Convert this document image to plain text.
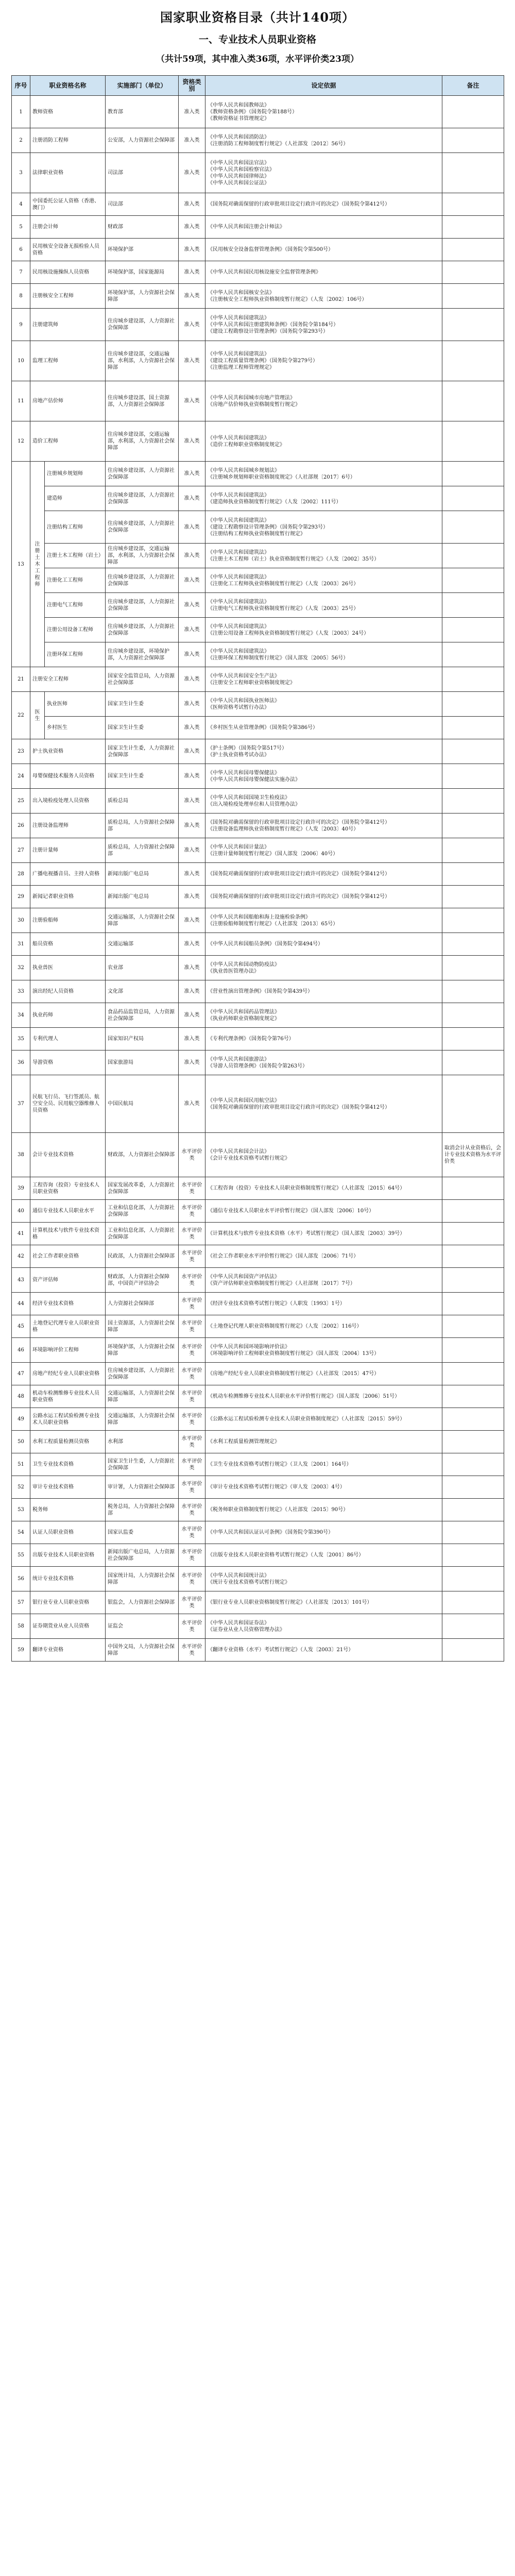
国家职业资格目录（共计140项）
一、专业技术人员职业资格
（共计59项，其中准入类36项，水平评价类23项）
序号	职业资格名称		实施部门（单位）	资格类别	设定依据	备注
1	教师资格		教育部	准入类	《中华人民共和国教师法》
《教师资格条例》（国务院令第188号）
《教师资格证书管理规定》	
2	注册消防工程师		公安部，人力资源社会保障部	准入类	《中华人民共和国消防法》
《注册消防工程师制度暂行规定》（人社部发〔2012〕56号）	
3	法律职业资格		司法部	准入类	《中华人民共和国法官法》
《中华人民共和国检察官法》
《中华人民共和国律师法》
《中华人民共和国公证法》	
4	中国委托公证人资格（香港、澳门）		司法部	准入类	《国务院对确需保留的行政审批项目设定行政许可的决定》（国务院令第412号）	
5	注册会计师		财政部	准入类	《中华人民共和国注册会计师法》	
6	民用核安全设备无损检验人员资格		环境保护部	准入类	《民用核安全设备监督管理条例》（国务院令第500号）	
7	民用核设施操纵人员资格		环境保护部，国家能源局	准入类	《中华人民共和国民用核设施安全监督管理条例》	
8	注册核安全工程师		环境保护部，人力资源社会保障部	准入类	《中华人民共和国核安全法》
《注册核安全工程师执业资格制度暂行规定》（人发〔2002〕106号）	
9	注册建筑师		住房城乡建设部，人力资源社会保障部	准入类	《中华人民共和国建筑法》
《中华人民共和国注册建筑师条例》（国务院令第184号）
《建设工程勘察设计管理条例》（国务院令第293号）	
10	监理工程师		住房城乡建设部，交通运输部，水利部，人力资源社会保障部	准入类	《中华人民共和国建筑法》
《建设工程质量管理条例》（国务院令第279号）
《注册监理工程师管理规定》	
11	房地产估价师		住房城乡建设部，国土资源部，人力资源社会保障部	准入类	《中华人民共和国城市房地产管理法》
《房地产估价师执业资格制度暂行规定》	
12	造价工程师		住房城乡建设部，交通运输部，水利部，人力资源社会保障部	准入类	《中华人民共和国建筑法》
《造价工程师职业资格制度规定》	
13	注册土木工程师	注册城乡规划师	住房城乡建设部，人力资源社会保障部	准入类	《中华人民共和国城乡规划法》
《注册城乡规划师职业资格制度规定》（人社部规〔2017〕6号）	
		建造师	住房城乡建设部，人力资源社会保障部	准入类	《中华人民共和国建筑法》
《建造师执业资格制度暂行规定》（人发〔2002〕111号）	
		注册结构工程师	住房城乡建设部，人力资源社会保障部	准入类	《中华人民共和国建筑法》
《建设工程勘察设计管理条例》（国务院令第293号）
《注册结构工程师执业资格制度暂行规定》	
		注册土木工程师（岩土）	住房城乡建设部，交通运输部，水利部，人力资源社会保障部	准入类	《中华人民共和国建筑法》
《注册土木工程师（岩土）执业资格制度暂行规定》（人发〔2002〕35号）	
		注册化工工程师	住房城乡建设部，人力资源社会保障部	准入类	《中华人民共和国建筑法》
《注册化工工程师执业资格制度暂行规定》（人发〔2003〕26号）	
		注册电气工程师	住房城乡建设部，人力资源社会保障部	准入类	《中华人民共和国建筑法》
《注册电气工程师执业资格制度暂行规定》（人发〔2003〕25号）	
		注册公用设备工程师	住房城乡建设部，人力资源社会保障部	准入类	《中华人民共和国建筑法》
《注册公用设备工程师执业资格制度暂行规定》（人发〔2003〕24号）	
		注册环保工程师	住房城乡建设部，环境保护部，人力资源社会保障部	准入类	《中华人民共和国建筑法》
《注册环保工程师制度暂行规定》（国人部发〔2005〕56号）	
21	注册安全工程师		国家安全监管总局，人力资源社会保障部	准入类	《中华人民共和国安全生产法》
《注册安全工程师职业资格制度规定》	
22	医生	执业医师	国家卫生计生委	准入类	《中华人民共和国执业医师法》
《医师资格考试暂行办法》	
		乡村医生	国家卫生计生委	准入类	《乡村医生从业管理条例》（国务院令第386号）	
23	护士执业资格		国家卫生计生委，人力资源社会保障部	准入类	《护士条例》（国务院令第517号）
《护士执业资格考试办法》	
24	母婴保健技术服务人员资格		国家卫生计生委	准入类	《中华人民共和国母婴保健法》
《中华人民共和国母婴保健法实施办法》	
25	出入境检疫处理人员资格		质检总局	准入类	《中华人民共和国国境卫生检疫法》
《出入境检疫处理单位和人员管理办法》	
26	注册设备监理师		质检总局，人力资源社会保障部	准入类	《国务院对确需保留的行政审批项目设定行政许可的决定》（国务院令第412号）
《注册设备监理师执业资格制度暂行规定》（人发〔2003〕40号）	
27	注册计量师		质检总局，人力资源社会保障部	准入类	《中华人民共和国计量法》
《注册计量师制度暂行规定》（国人部发〔2006〕40号）	
28	广播电视播音员、主持人资格		新闻出版广电总局	准入类	《国务院对确需保留的行政审批项目设定行政许可的决定》（国务院令第412号）	
29	新闻记者职业资格		新闻出版广电总局	准入类	《国务院对确需保留的行政审批项目设定行政许可的决定》（国务院令第412号）	
30	注册验船师		交通运输部，人力资源社会保障部	准入类	《中华人民共和国船舶和海上设施检验条例》
《注册验船师制度暂行规定》（人社部发〔2013〕65号）	
31	船员资格		交通运输部	准入类	《中华人民共和国船员条例》（国务院令第494号）	
32	执业兽医		农业部	准入类	《中华人民共和国动物防疫法》
《执业兽医管理办法》	
33	演出经纪人员资格		文化部	准入类	《营业性演出管理条例》（国务院令第439号）	
34	执业药师		食品药品监管总局，人力资源社会保障部	准入类	《中华人民共和国药品管理法》
《执业药师职业资格制度规定》	
35	专利代理人		国家知识产权局	准入类	《专利代理条例》（国务院令第76号）	
36	导游资格		国家旅游局	准入类	《中华人民共和国旅游法》
《导游人员管理条例》（国务院令第263号）	
37	民航飞行员、飞行签派员、航空安全员、民用航空器维修人员资格		中国民航局	准入类	《中华人民共和国民用航空法》
《国务院对确需保留的行政审批项目设定行政许可的决定》（国务院令第412号）	
38	会计专业技术资格		财政部，人力资源社会保障部	水平评价类	《中华人民共和国会计法》
《会计专业技术资格考试暂行规定》	取消会计从业资格后，会计专业技术资格为水平评价类
39	工程咨询（投资）专业技术人员职业资格		国家发展改革委，人力资源社会保障部	水平评价类	《工程咨询（投资）专业技术人员职业资格制度暂行规定》（人社部发〔2015〕64号）	
40	通信专业技术人员职业水平		工业和信息化部，人力资源社会保障部	水平评价类	《通信专业技术人员职业水平评价暂行规定》（国人部发〔2006〕10号）	
41	计算机技术与软件专业技术资格		工业和信息化部，人力资源社会保障部	水平评价类	《计算机技术与软件专业技术资格（水平）考试暂行规定》（国人部发〔2003〕39号）	
42	社会工作者职业资格		民政部，人力资源社会保障部	水平评价类	《社会工作者职业水平评价暂行规定》（国人部发〔2006〕71号）	
43	资产评估师		财政部，人力资源社会保障部，中国资产评估协会	水平评价类	《中华人民共和国资产评估法》
《资产评估师职业资格制度暂行规定》（人社部规〔2017〕7号）	
44	经济专业技术资格		人力资源社会保障部	水平评价类	《经济专业技术资格考试暂行规定》（人职发〔1993〕1号）	
45	土地登记代理专业人员职业资格		国土资源部，人力资源社会保障部	水平评价类	《土地登记代理人职业资格制度暂行规定》（人发〔2002〕116号）	
46	环境影响评价工程师		环境保护部，人力资源社会保障部	水平评价类	《中华人民共和国环境影响评价法》
《环境影响评价工程师职业资格制度暂行规定》（国人部发〔2004〕13号）	
47	房地产经纪专业人员职业资格		住房城乡建设部，人力资源社会保障部	水平评价类	《房地产经纪专业人员职业资格制度暂行规定》（人社部发〔2015〕47号）	
48	机动车检测维修专业技术人员职业资格		交通运输部，人力资源社会保障部	水平评价类	《机动车检测维修专业技术人员职业水平评价暂行规定》（国人部发〔2006〕51号）	
49	公路水运工程试验检测专业技术人员职业资格		交通运输部，人力资源社会保障部	水平评价类	《公路水运工程试验检测专业技术人员职业资格制度规定》（人社部发〔2015〕59号）	
50	水利工程质量检测员资格		水利部	水平评价类	《水利工程质量检测管理规定》	
51	卫生专业技术资格		国家卫生计生委，人力资源社会保障部	水平评价类	《卫生专业技术资格考试暂行规定》（卫人发〔2001〕164号）	
52	审计专业技术资格		审计署，人力资源社会保障部	水平评价类	《审计专业技术资格考试暂行规定》（审人发〔2003〕4号）	
53	税务师		税务总局，人力资源社会保障部	水平评价类	《税务师职业资格制度暂行规定》（人社部发〔2015〕90号）	
54	认证人员职业资格		国家认监委	水平评价类	《中华人民共和国认证认可条例》（国务院令第390号）	
55	出版专业技术人员职业资格		新闻出版广电总局，人力资源社会保障部	水平评价类	《出版专业技术人员职业资格考试暂行规定》（人发〔2001〕86号）	
56	统计专业技术资格		国家统计局，人力资源社会保障部	水平评价类	《中华人民共和国统计法》
《统计专业技术资格考试暂行规定》	
57	银行业专业人员职业资格		银监会，人力资源社会保障部	水平评价类	《银行业专业人员职业资格制度暂行规定》（人社部发〔2013〕101号）	
58	证券期货业从业人员资格		证监会	水平评价类	《中华人民共和国证券法》
《证券业从业人员资格管理办法》	
59	翻译专业资格		中国外文局，人力资源社会保障部	水平评价类	《翻译专业资格（水平）考试暂行规定》（人发〔2003〕21号）	
